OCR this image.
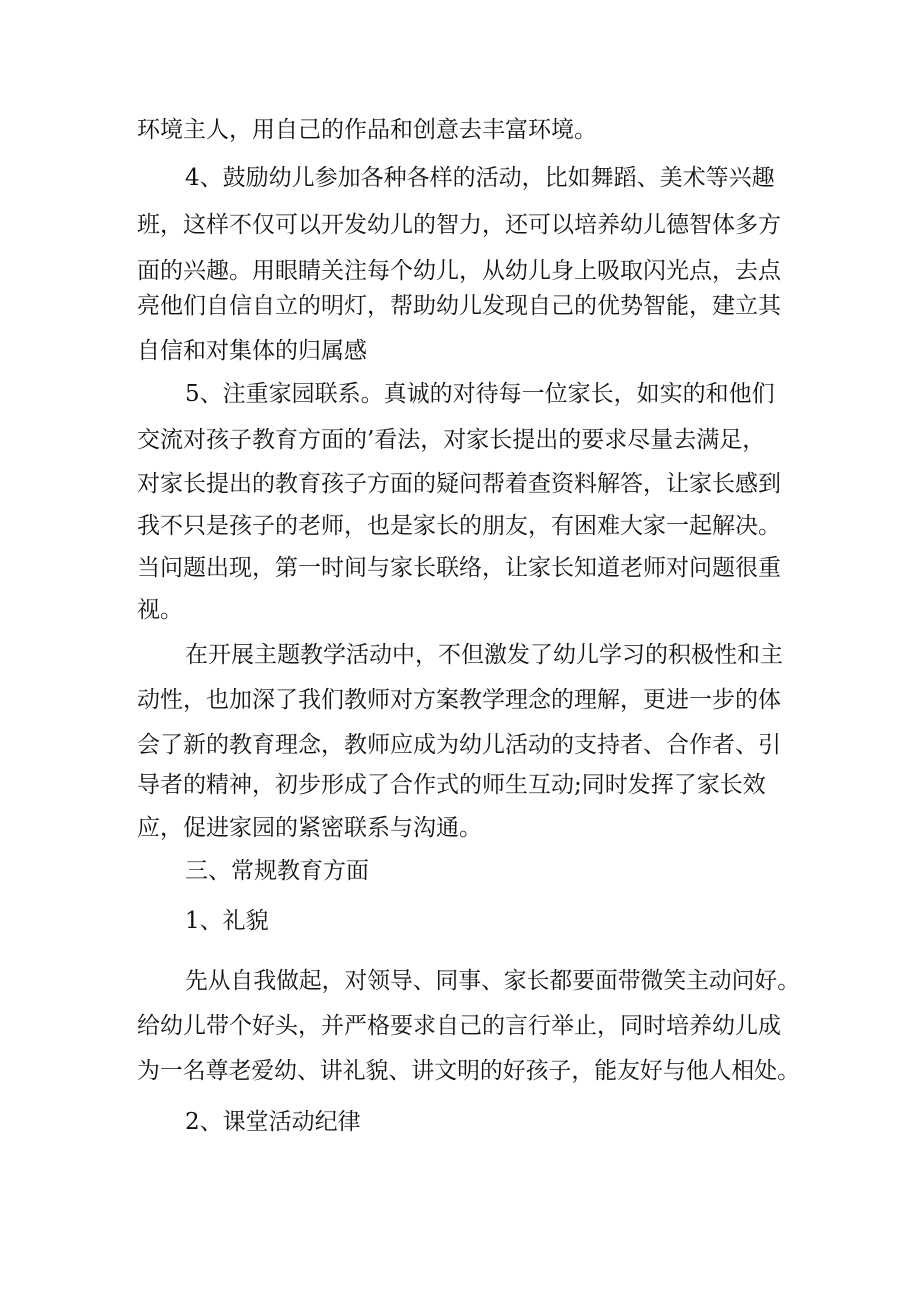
环境主人，用自己的作品和创意去丰富环境。
4、鼓励幼儿参加各种各样的活动，比如舞蹈、美术等兴趣
班，这样不仅可以开发幼儿的智力，还可以培养幼儿德智体多方
面的兴趣。用眼睛关注每个幼儿，从幼儿身上吸取闪光点，去点
亮他们自信自立的明灯，帮助幼儿发现自己的优势智能，建立其
自信和对集体的归属感
5、注重家园联系。真诚的对待每一位家长，如实的和他们
交流对孩子教育方面的’看法，对家长提出的要求尽量去满足，
对家长提出的教育孩子方面的疑问帮着查资料解答，让家长感到
我不只是孩子的老师，也是家长的朋友，有困难大家一起解决。
当问题出现，第一时间与家长联络，让家长知道老师对问题很重
视。
在开展主题教学活动中，不但激发了幼儿学习的积极性和主
动性，也加深了我们教师对方案教学理念的理解，更进一步的体
会了新的教育理念，教师应成为幼儿活动的支持者、合作者、引
导者的精神，初步形成了合作式的师生互动;同时发挥了家长效
应，促进家园的紧密联系与沟通。
三、常规教育方面
1、礼貌
先从自我做起，对领导、同事、家长都要面带微笑主动问好。
给幼儿带个好头，并严格要求自己的言行举止，同时培养幼儿成
为一名尊老爱幼、讲礼貌、讲文明的好孩子，能友好与他人相处。
2、课堂活动纪律
